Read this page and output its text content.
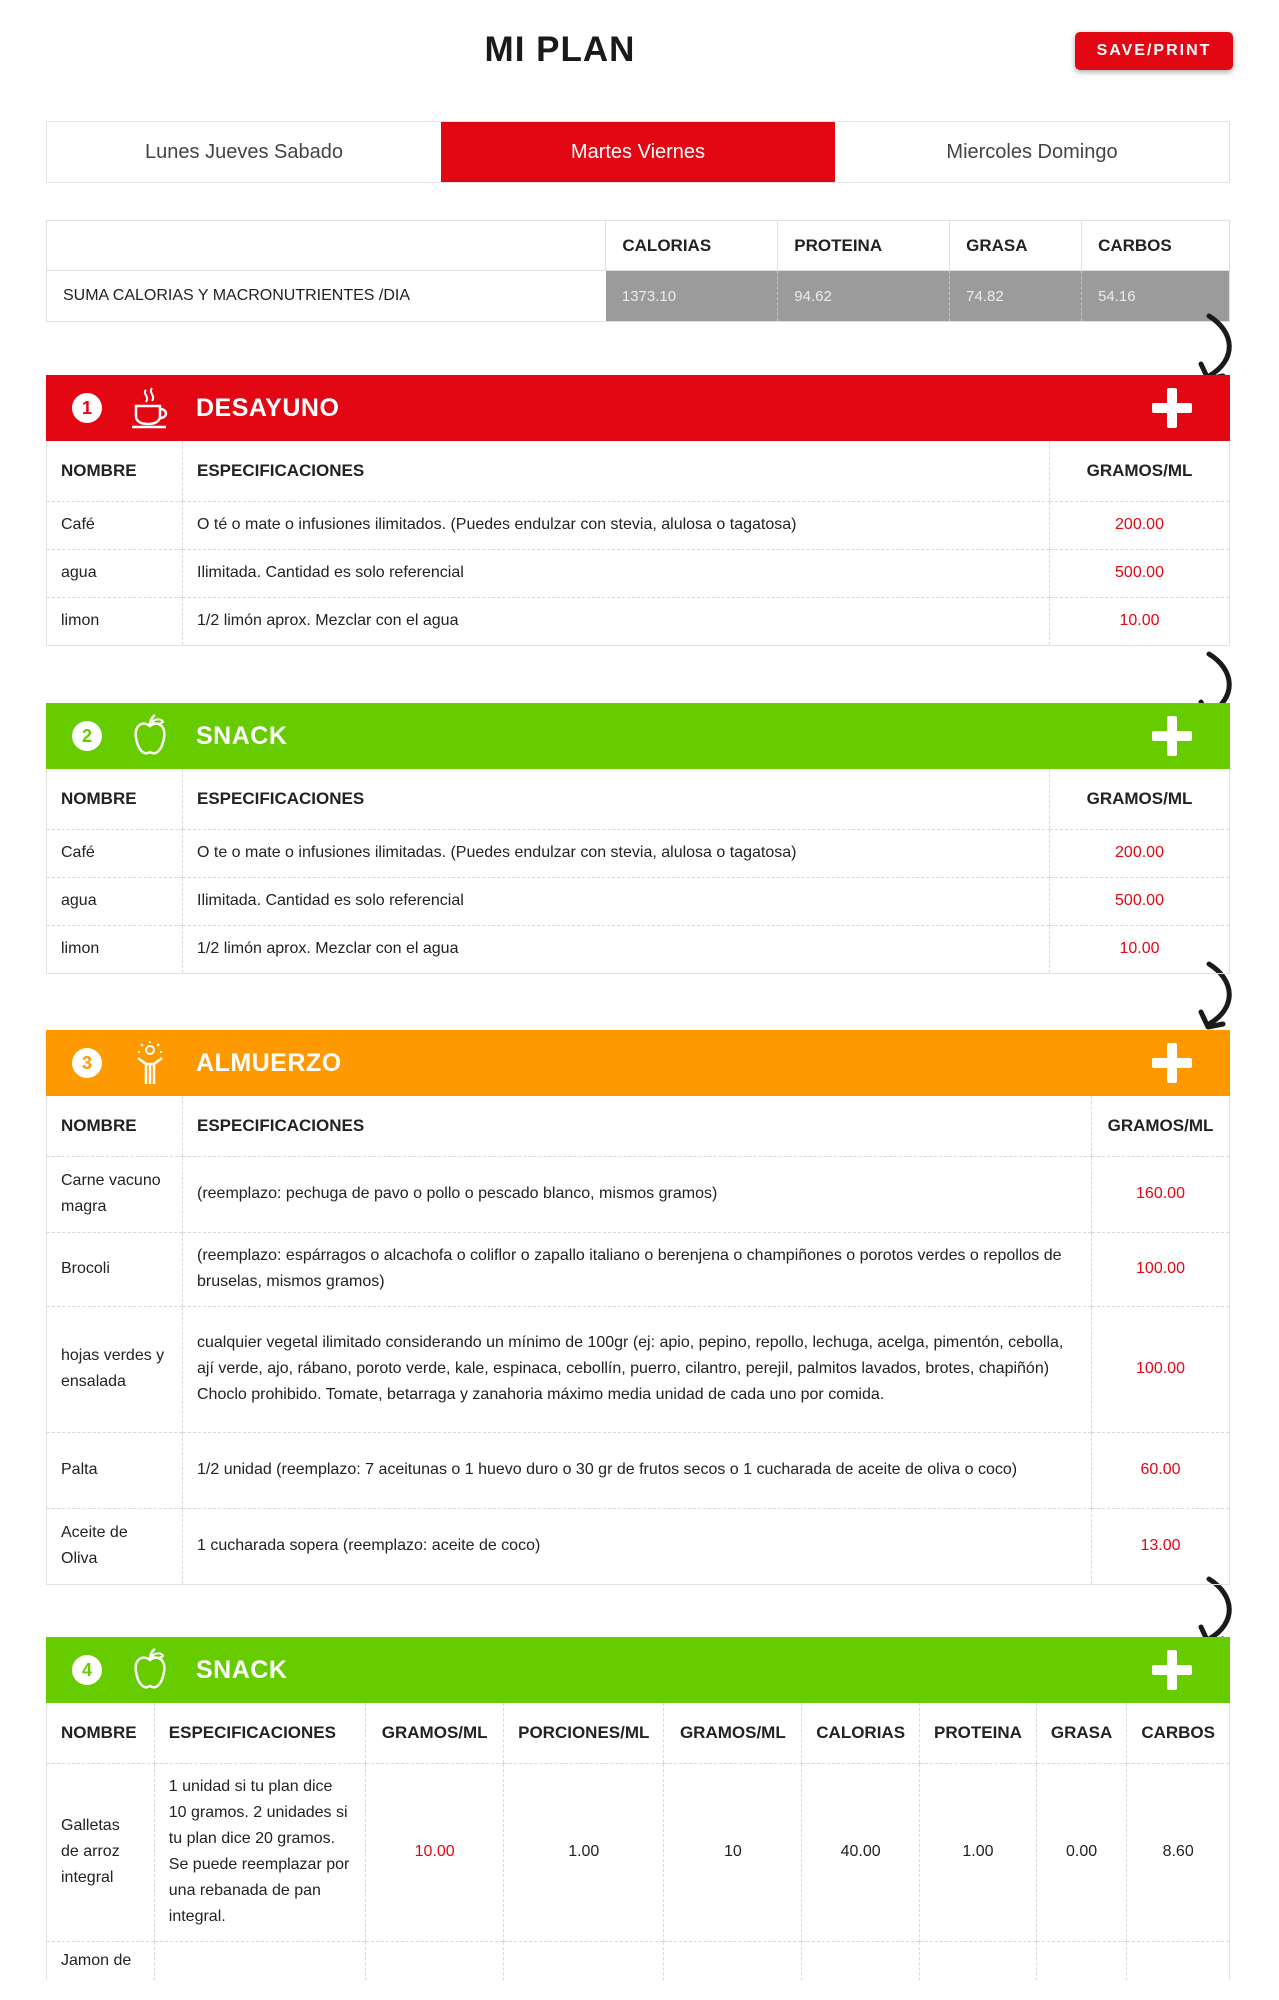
MI PLAN	SAVE/PRINT
Lunes Jueves Sabado	Martes Viernes	Miercoles Domingo
	CALORIAS	PROTEINA	GRASA	CARBOS
SUMA CALORIAS Y MACRONUTRIENTES /DIA	1373.10	94.62	74.82	54.16
1	DESAYUNO
NOMBRE	ESPECIFICACIONES	GRAMOS/ML
Café	O té o mate o infusiones ilimitados. (Puedes endulzar con stevia, alulosa o tagatosa)	200.00
agua	Ilimitada. Cantidad es solo referencial	500.00
limon	1/2 limón aprox. Mezclar con el agua	10.00
2	SNACK
NOMBRE	ESPECIFICACIONES	GRAMOS/ML
Café	O te o mate o infusiones ilimitadas. (Puedes endulzar con stevia, alulosa o tagatosa)	200.00
agua	Ilimitada. Cantidad es solo referencial	500.00
limon	1/2 limón aprox. Mezclar con el agua	10.00
3	ALMUERZO
NOMBRE	ESPECIFICACIONES	GRAMOS/ML
Carne vacuno magra	(reemplazo: pechuga de pavo o pollo o pescado blanco, mismos gramos)	160.00
Brocoli	(reemplazo: espárragos o alcachofa o coliflor o zapallo italiano o berenjena o champiñones o porotos verdes o repollos de bruselas, mismos gramos)	100.00
hojas verdes y ensalada	cualquier vegetal ilimitado considerando un mínimo de 100gr (ej: apio, pepino, repollo, lechuga, acelga, pimentón, cebolla, ají verde, ajo, rábano, poroto verde, kale, espinaca, cebollín, puerro, cilantro, perejil, palmitos lavados, brotes, chapiñón) Choclo prohibido. Tomate, betarraga y zanahoria máximo media unidad de cada uno por comida.	100.00
Palta	1/2 unidad (reemplazo: 7 aceitunas o 1 huevo duro o 30 gr de frutos secos o 1 cucharada de aceite de oliva o coco)	60.00
Aceite de Oliva	1 cucharada sopera (reemplazo: aceite de coco)	13.00
4	SNACK
NOMBRE	ESPECIFICACIONES	GRAMOS/ML	PORCIONES/ML	GRAMOS/ML	CALORIAS	PROTEINA	GRASA	CARBOS
Galletas de arroz integral	1 unidad si tu plan dice 10 gramos. 2 unidades si tu plan dice 20 gramos. Se puede reemplazar por una rebanada de pan integral.	10.00	1.00	10	40.00	1.00	0.00	8.60
Jamon de								
